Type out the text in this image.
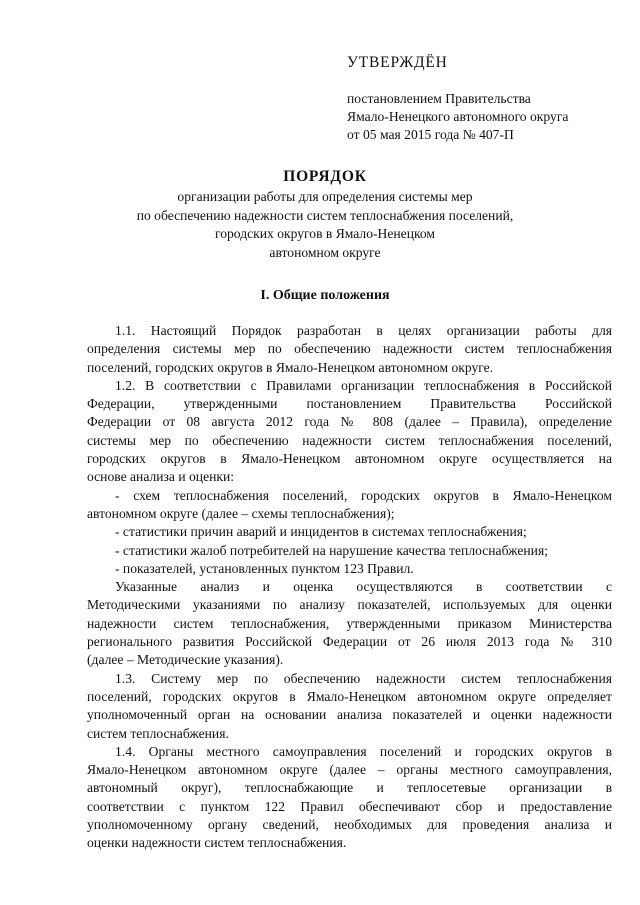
УТВЕРЖДЁН
постановлением Правительства
Ямало-Ненецкого автономного округа
от 05 мая 2015 года № 407-П
ПОРЯДОК
организации работы для определения системы мер
по обеспечению надежности систем теплоснабжения поселений,
городских округов в Ямало-Ненецком
автономном округе
I. Общие положения
1.1. Настоящий Порядок разработан в целях организации работы для
определения системы мер по обеспечению надежности систем теплоснабжения
поселений, городских округов в Ямало-Ненецком автономном округе.
1.2. В соответствии с Правилами организации теплоснабжения в Российской
Федерации, утвержденными постановлением Правительства Российской
Федерации от 08 августа 2012 года № 808 (далее – Правила), определение
системы мер по обеспечению надежности систем теплоснабжения поселений,
городских округов в Ямало-Ненецком автономном округе осуществляется на
основе анализа и оценки:
- схем теплоснабжения поселений, городских округов в Ямало-Ненецком
автономном округе (далее – схемы теплоснабжения);
- статистики причин аварий и инцидентов в системах теплоснабжения;
- статистики жалоб потребителей на нарушение качества теплоснабжения;
- показателей, установленных пунктом 123 Правил.
Указанные анализ и оценка осуществляются в соответствии с
Методическими указаниями по анализу показателей, используемых для оценки
надежности систем теплоснабжения, утвержденными приказом Министерства
регионального развития Российской Федерации от 26 июля 2013 года № 310
(далее – Методические указания).
1.3. Систему мер по обеспечению надежности систем теплоснабжения
поселений, городских округов в Ямало-Ненецком автономном округе определяет
уполномоченный орган на основании анализа показателей и оценки надежности
систем теплоснабжения.
1.4. Органы местного самоуправления поселений и городских округов в
Ямало-Ненецком автономном округе (далее – органы местного самоуправления,
автономный округ), теплоснабжающие и теплосетевые организации в
соответствии с пунктом 122 Правил обеспечивают сбор и предоставление
уполномоченному органу сведений, необходимых для проведения анализа и
оценки надежности систем теплоснабжения.
